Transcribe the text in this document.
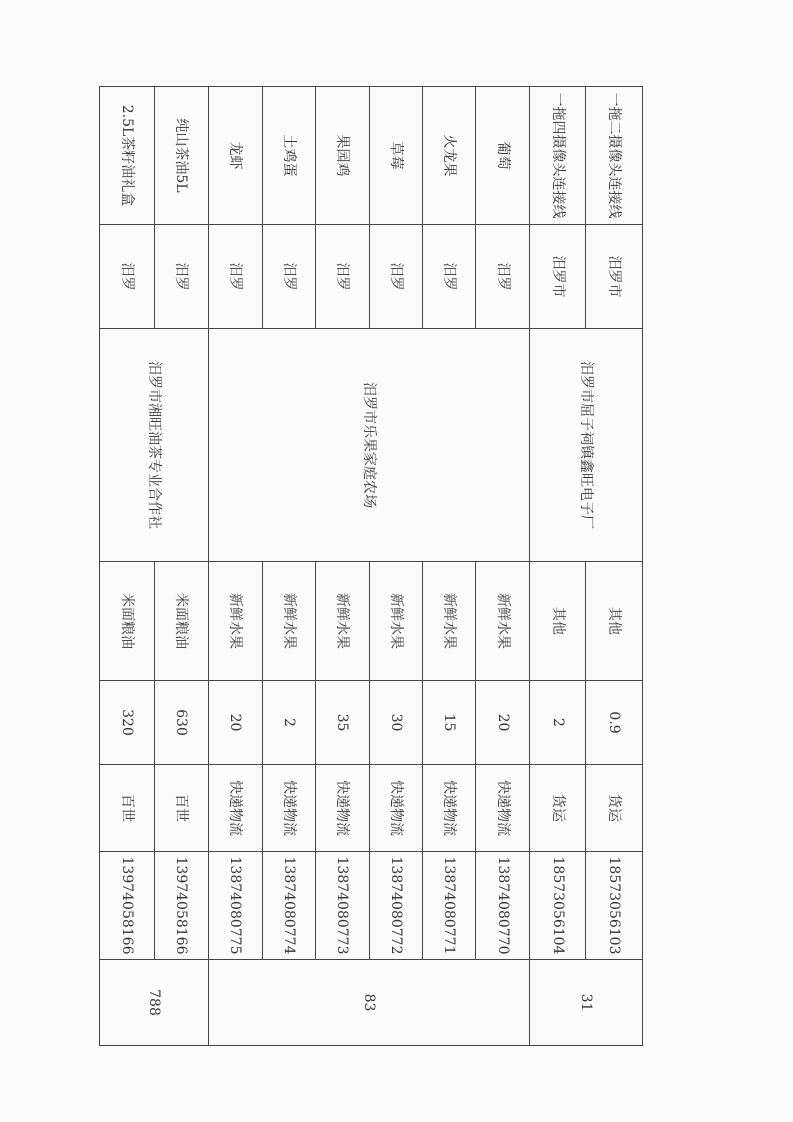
一拖二摄像头连接线	汨罗市	汨罗市屈子祠镇鑫旺电子厂	其他	0.9	货运	18573056103	31	
一拖四摄像头连接线	汨罗市		其他	2	货运	18573056104		
葡萄	汨罗	汨罗市乐果家庭农场	新鲜水果	20	快递物流	13874080770	83	
火龙果	汨罗		新鲜水果	15	快递物流	13874080771		
草莓	汨罗		新鲜水果	30	快递物流	13874080772		
果园鸡	汨罗		新鲜水果	35	快递物流	13874080773		
土鸡蛋	汨罗		新鲜水果	2	快递物流	13874080774		
龙虾	汨罗		新鲜水果	20	快递物流	13874080775		
纯山茶油5L	汨罗	汨罗市湘旺油茶专业合作社	米面粮油	630	百世	13974058166	788	
2.5L茶籽油礼盒	汨罗		米面粮油	320	百世	13974058166		
